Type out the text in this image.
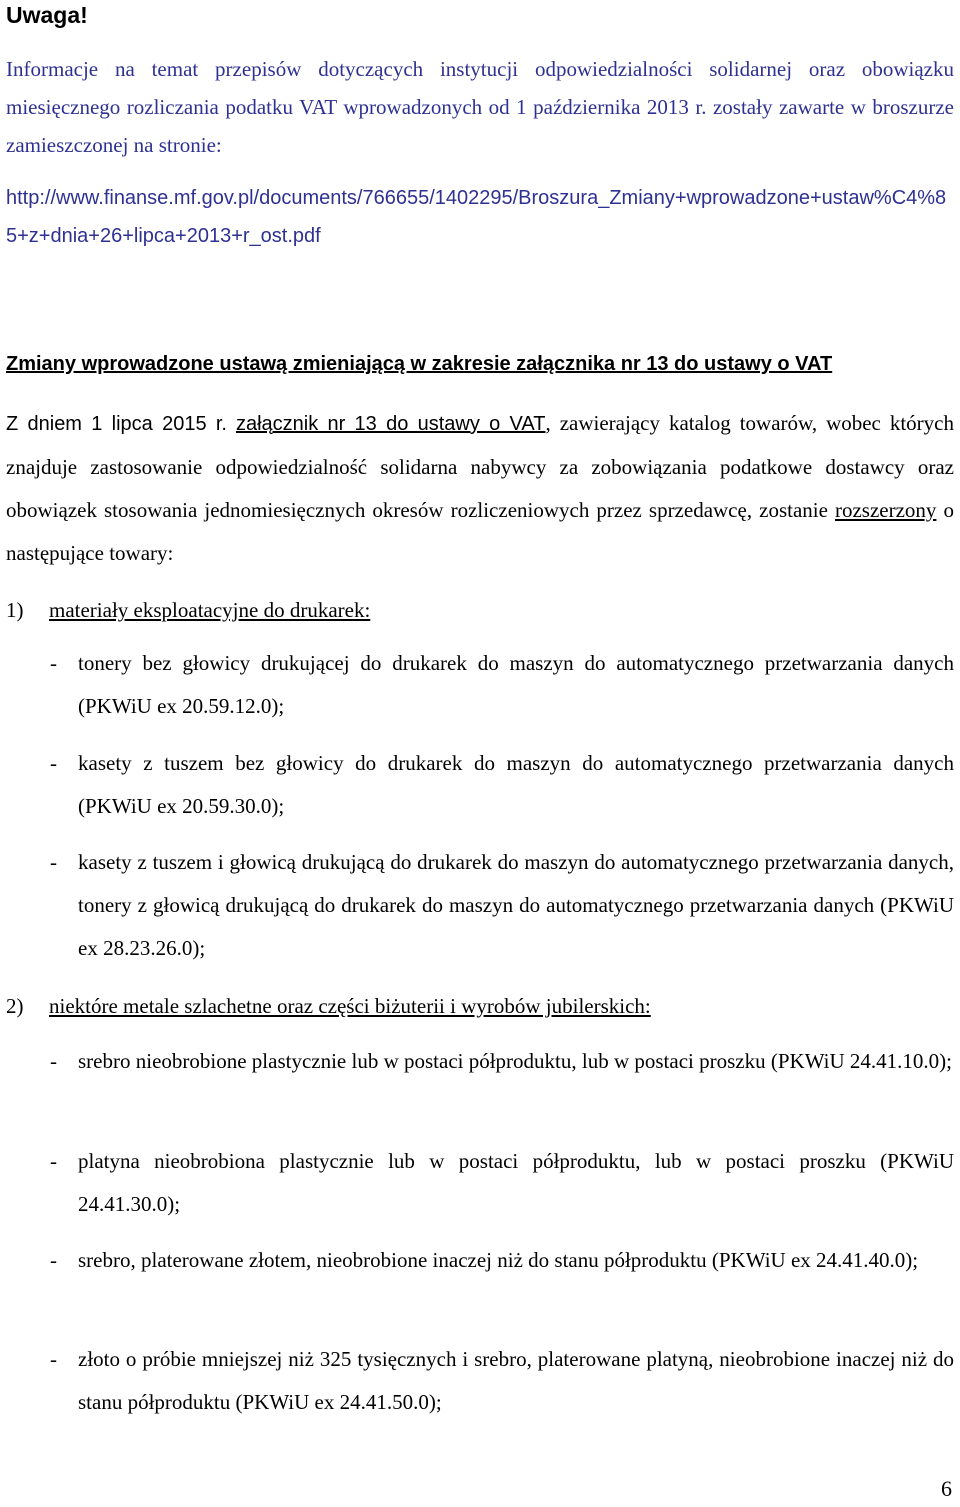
Uwaga!

Informacje na temat przepisów dotyczących instytucji odpowiedzialności solidarnej oraz obowiązku miesięcznego rozliczania podatku VAT wprowadzonych od 1 października 2013 r. zostały zawarte w broszurze zamieszczonej na stronie:

http://www.finanse.mf.gov.pl/documents/766655/1402295/Broszura_Zmiany+wprowadzone+ustaw%C4%85+z+dnia+26+lipca+2013+r_ost.pdf

Zmiany wprowadzone ustawą zmieniającą w zakresie załącznika nr 13 do ustawy o VAT

Z dniem 1 lipca 2015 r. załącznik nr 13 do ustawy o VAT, zawierający katalog towarów, wobec których znajduje zastosowanie odpowiedzialność solidarna nabywcy za zobowiązania podatkowe dostawcy oraz obowiązek stosowania jednomiesięcznych okresów rozliczeniowych przez sprzedawcę, zostanie rozszerzony o następujące towary:

1) materiały eksploatacyjne do drukarek:
- tonery bez głowicy drukującej do drukarek do maszyn do automatycznego przetwarzania danych (PKWiU ex 20.59.12.0);
- kasety z tuszem bez głowicy do drukarek do maszyn do automatycznego przetwarzania danych (PKWiU ex 20.59.30.0);
- kasety z tuszem i głowicą drukującą do drukarek do maszyn do automatycznego przetwarzania danych, tonery z głowicą drukującą do drukarek do maszyn do automatycznego przetwarzania danych (PKWiU ex 28.23.26.0);
2) niektóre metale szlachetne oraz części biżuterii i wyrobów jubilerskich:
- srebro nieobrobione plastycznie lub w postaci półproduktu, lub w postaci proszku (PKWiU 24.41.10.0);
- platyna nieobrobiona plastycznie lub w postaci półproduktu, lub w postaci proszku (PKWiU 24.41.30.0);
- srebro, platerowane złotem, nieobrobione inaczej niż do stanu półproduktu (PKWiU ex 24.41.40.0);
- złoto o próbie mniejszej niż 325 tysięcznych i srebro, platerowane platyną, nieobrobione inaczej niż do stanu półproduktu (PKWiU ex 24.41.50.0);
6
